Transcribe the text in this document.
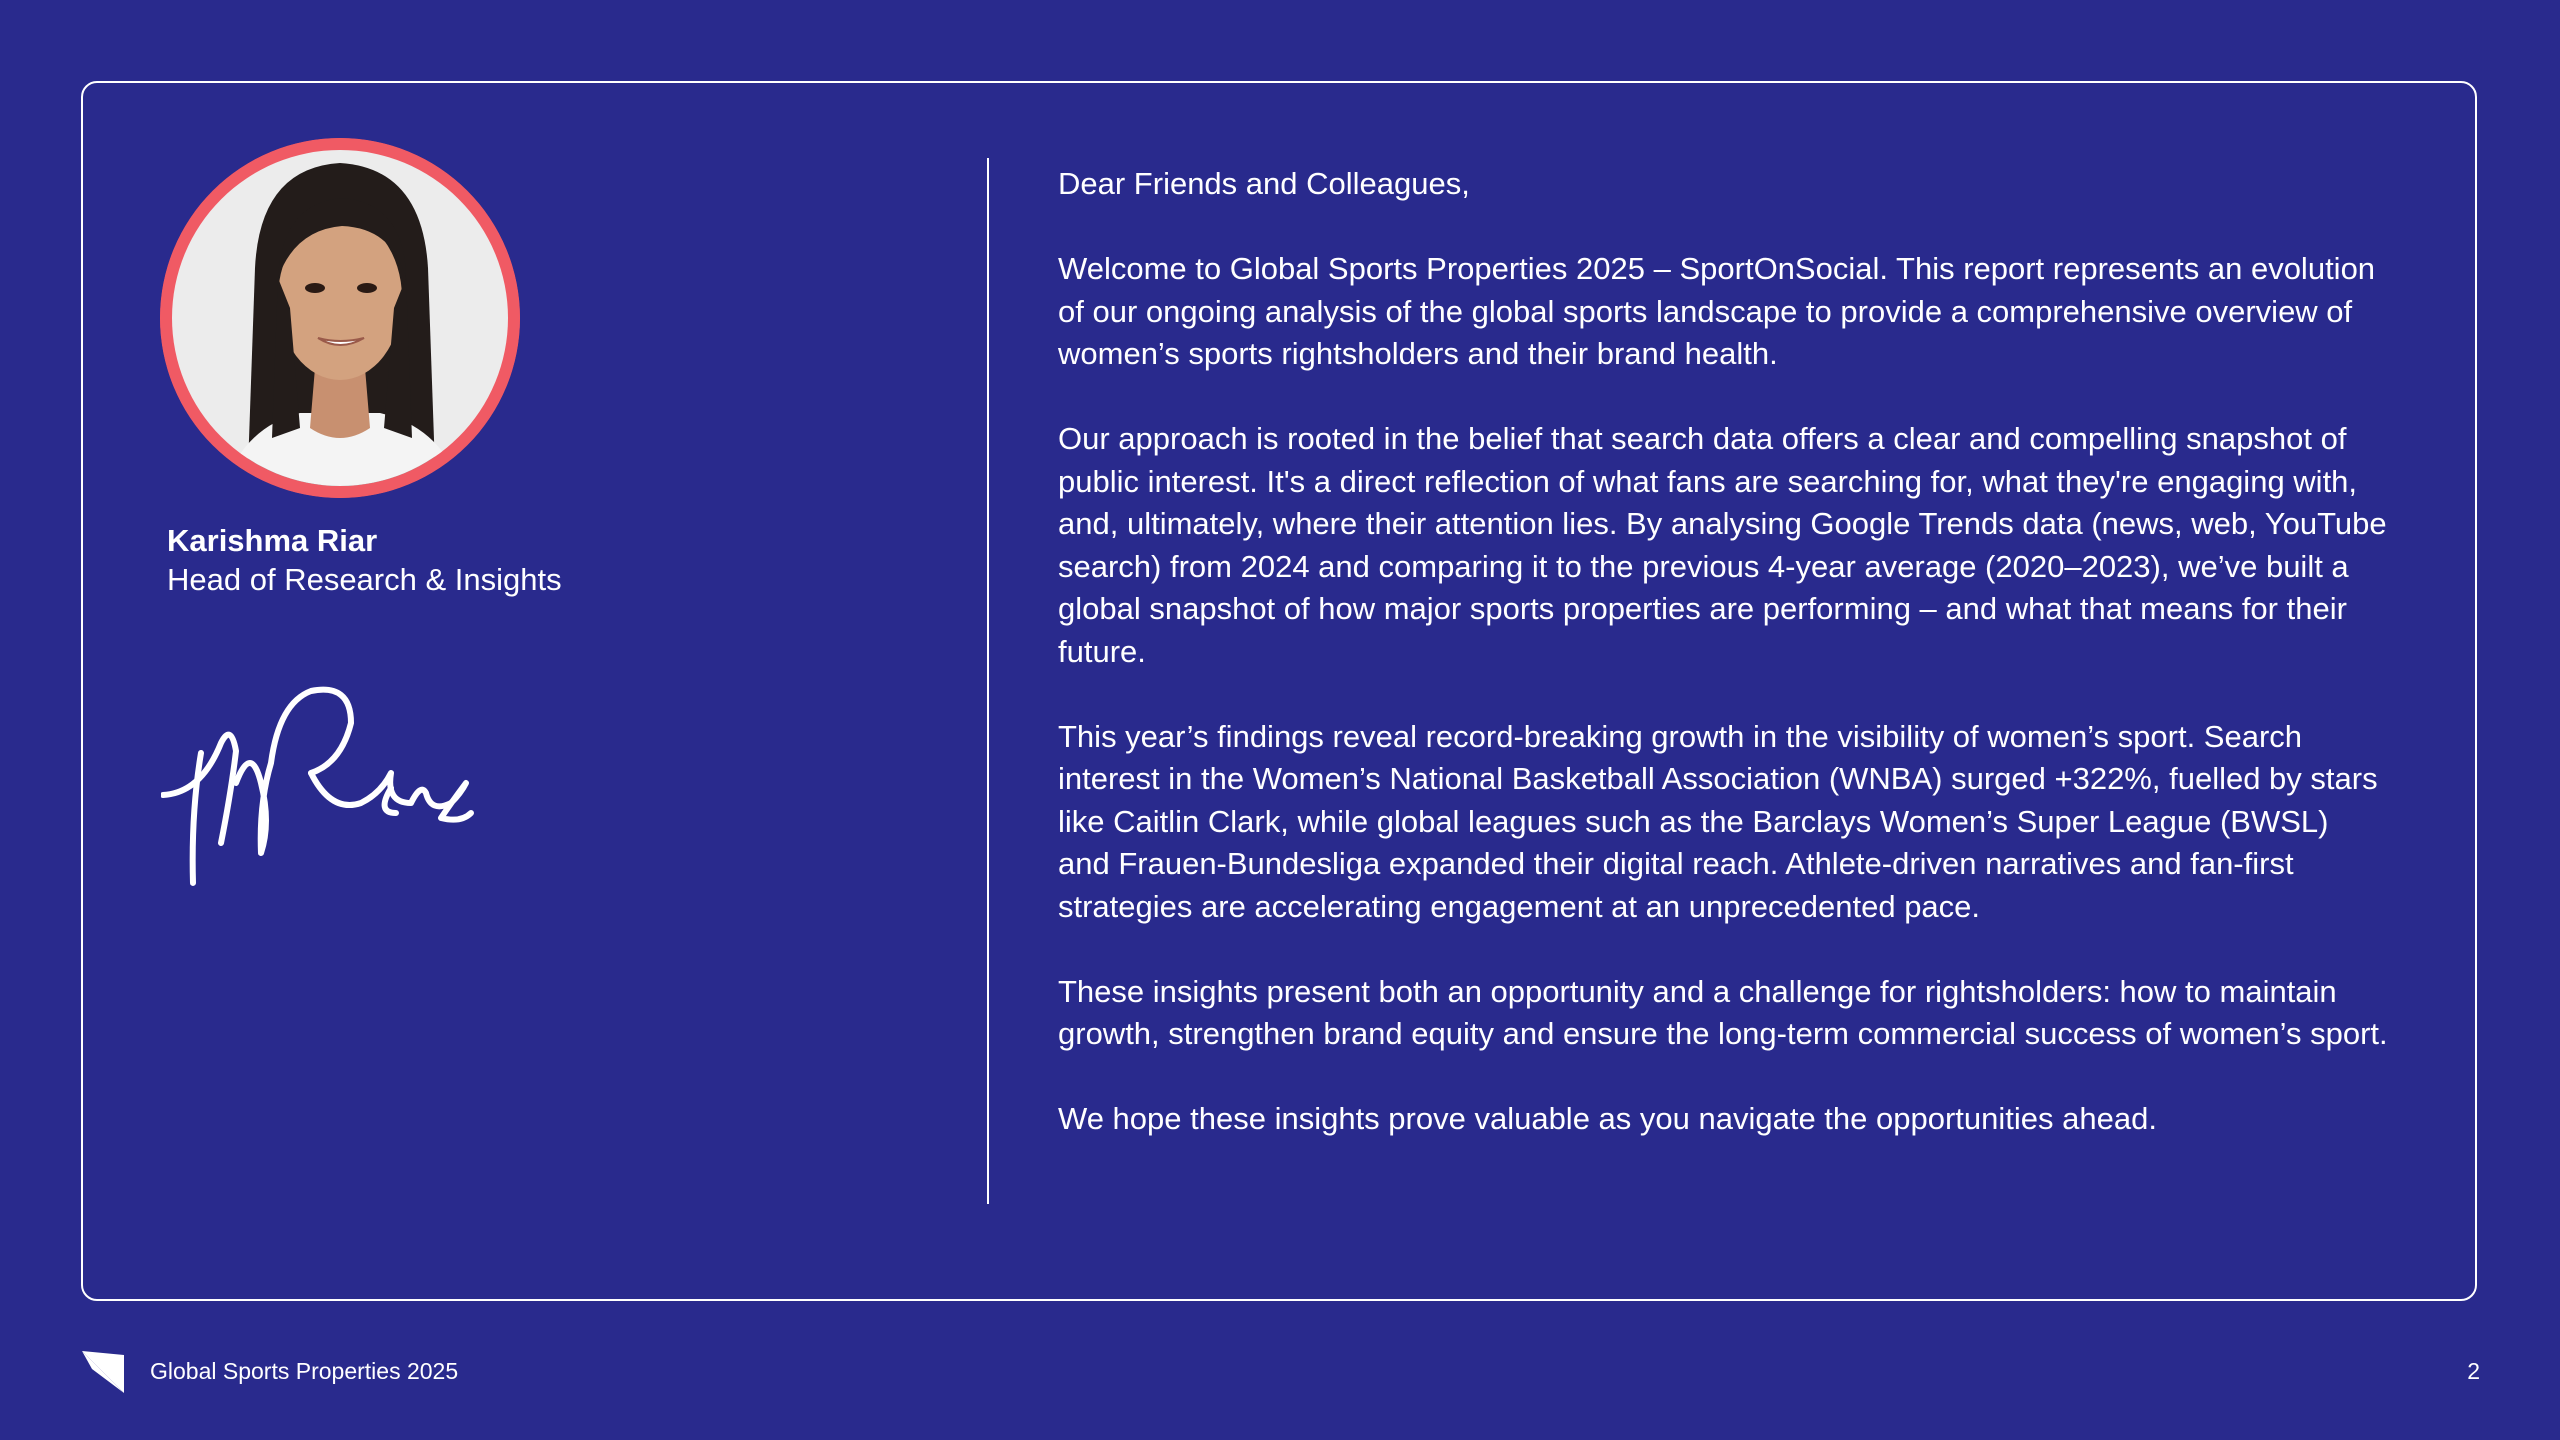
Karishma Riar
Head of Research & Insights

Dear Friends and Colleagues,

Welcome to Global Sports Properties 2025 – SportOnSocial. This report represents an evolution of our ongoing analysis of the global sports landscape to provide a comprehensive overview of women’s sports rightsholders and their brand health.

Our approach is rooted in the belief that search data offers a clear and compelling snapshot of public interest. It's a direct reflection of what fans are searching for, what they're engaging with, and, ultimately, where their attention lies. By analysing Google Trends data (news, web, YouTube search) from 2024 and comparing it to the previous 4-year average (2020–2023), we’ve built a global snapshot of how major sports properties are performing – and what that means for their future.

This year’s findings reveal record-breaking growth in the visibility of women’s sport. Search interest in the Women’s National Basketball Association (WNBA) surged +322%, fuelled by stars like Caitlin Clark, while global leagues such as the Barclays Women’s Super League (BWSL) and Frauen-Bundesliga expanded their digital reach. Athlete-driven narratives and fan-first strategies are accelerating engagement at an unprecedented pace.

These insights present both an opportunity and a challenge for rightsholders: how to maintain growth, strengthen brand equity and ensure the long-term commercial success of women’s sport.

We hope these insights prove valuable as you navigate the opportunities ahead.

Global Sports Properties 2025	2
